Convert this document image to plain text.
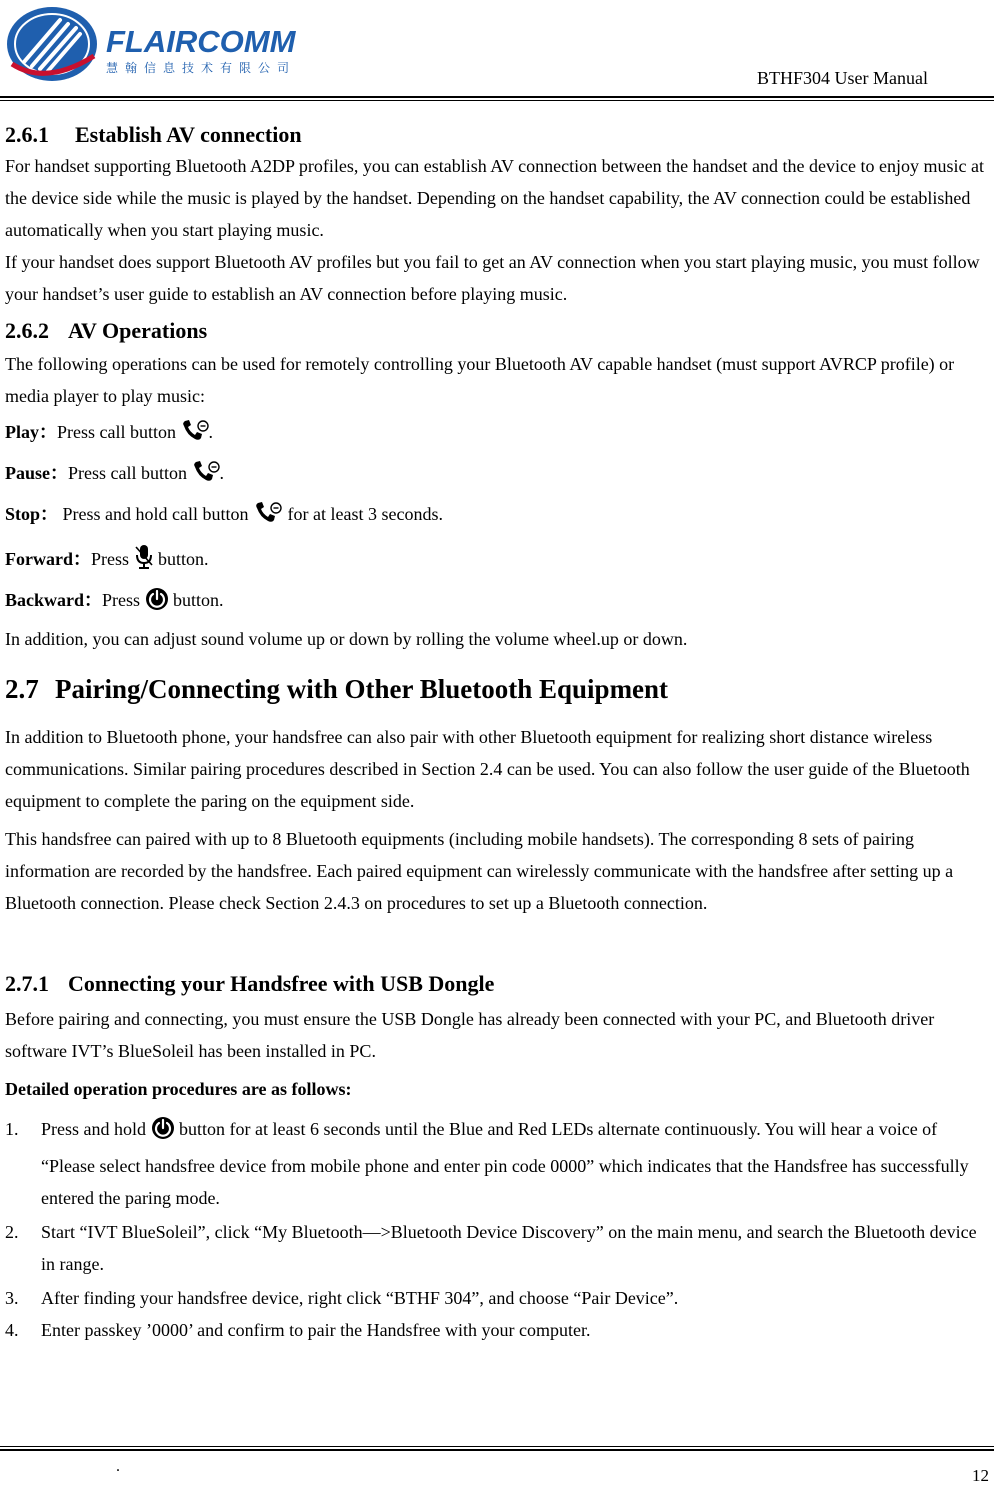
FLAIRCOMM
慧翰信息技术有限公司	BTHF304 User Manual
2.6.1 Establish AV connection

For handset supporting Bluetooth A2DP profiles, you can establish AV connection between the handset and the device to enjoy music at the device side while the music is played by the handset. Depending on the handset capability, the AV connection could be established automatically when you start playing music.

If your handset does support Bluetooth AV profiles but you fail to get an AV connection when you start playing music, you must follow your handset’s user guide to establish an AV connection before playing music.

2.6.2 AV Operations

The following operations can be used for remotely controlling your Bluetooth AV capable handset (must support AVRCP profile) or media player to play music:

Play：Press call button .

Pause：Press call button .

Stop： Press and hold call button for at least 3 seconds.

Forward：Press button.

Backward：Press button.

In addition, you can adjust sound volume up or down by rolling the volume wheel.up or down.

2.7 Pairing/Connecting with Other Bluetooth Equipment

In addition to Bluetooth phone, your handsfree can also pair with other Bluetooth equipment for realizing short distance wireless communications. Similar pairing procedures described in Section 2.4 can be used. You can also follow the user guide of the Bluetooth equipment to complete the paring on the equipment side.

This handsfree can paired with up to 8 Bluetooth equipments (including mobile handsets). The corresponding 8 sets of pairing information are recorded by the handsfree. Each paired equipment can wirelessly communicate with the handsfree after setting up a Bluetooth connection. Please check Section 2.4.3 on procedures to set up a Bluetooth connection.

2.7.1 Connecting your Handsfree with USB Dongle

Before pairing and connecting, you must ensure the USB Dongle has already been connected with your PC, and Bluetooth driver software IVT’s BlueSoleil has been installed in PC.

Detailed operation procedures are as follows:

1. Press and hold button for at least 6 seconds until the Blue and Red LEDs alternate continuously. You will hear a voice of “Please select handsfree device from mobile phone and enter pin code 0000” which indicates that the Handsfree has successfully entered the paring mode.
2. Start “IVT BlueSoleil”, click “My Bluetooth—>Bluetooth Device Discovery” on the main menu, and search the Bluetooth device in range.
3. After finding your handsfree device, right click “BTHF 304”, and choose “Pair Device”.
4. Enter passkey ’0000’ and confirm to pair the Handsfree with your computer.
.	12
